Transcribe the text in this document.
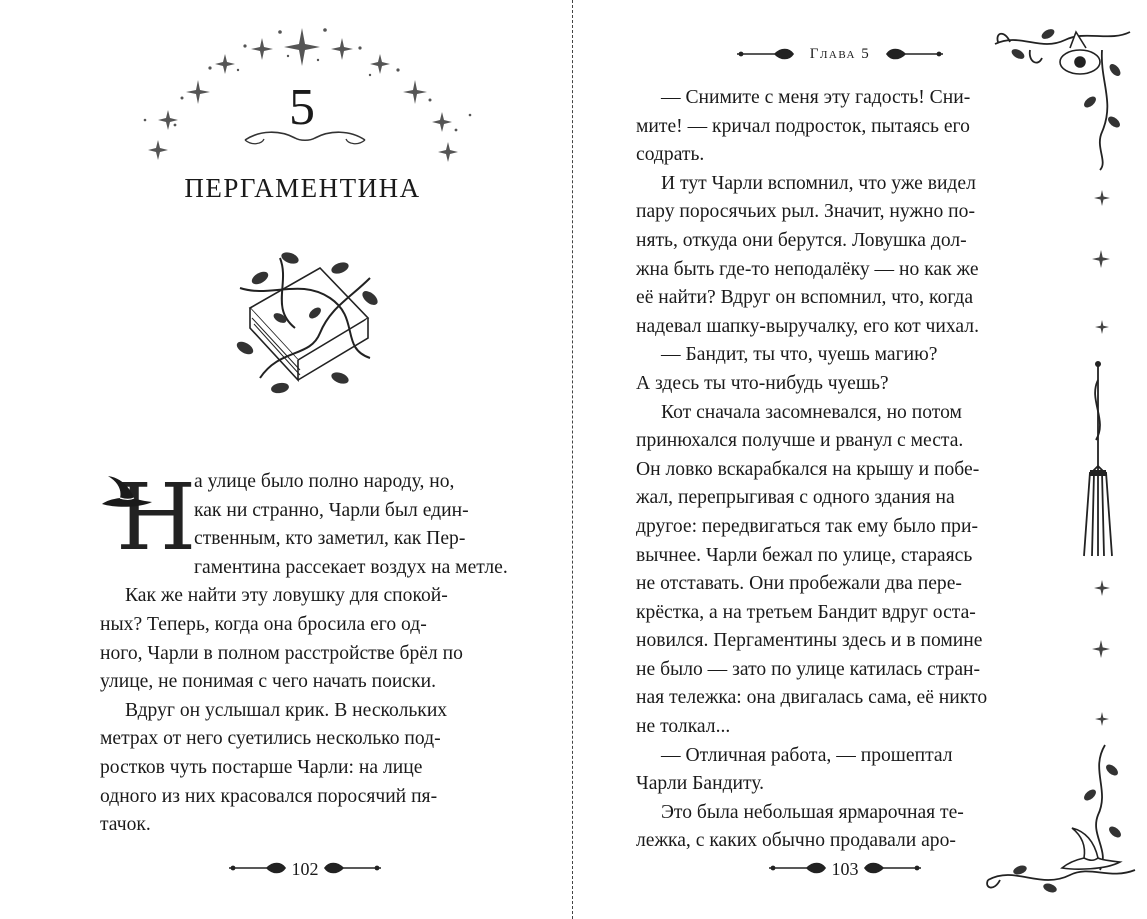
5
ПЕРГАМЕНТИНА
Н

а улице было полно народу, но,
как ни странно, Чарли был един-
ственным, кто заметил, как Пер-
гаментина рассекает воздух на метле.

Как же найти эту ловушку для спокой-
ных? Теперь, когда она бросила его од-
ного, Чарли в полном расстройстве брёл по
улице, не понимая с чего начать поиски.

Вдруг он услышал крик. В нескольких
метрах от него суетились несколько под-
ростков чуть постарше Чарли: на лице
одного из них красовался поросячий пя-
тачок.

102
Глава 5

— Снимите с меня эту гадость! Сни-
мите! — кричал подросток, пытаясь его
содрать.

И тут Чарли вспомнил, что уже видел
пару поросячьих рыл. Значит, нужно по-
нять, откуда они берутся. Ловушка дол-
жна быть где-то неподалёку — но как же
её найти? Вдруг он вспомнил, что, когда
надевал шапку-выручалку, его кот чихал.

— Бандит, ты что, чуешь магию?
А здесь ты что-нибудь чуешь?

Кот сначала засомневался, но потом
принюхался получше и рванул с места.
Он ловко вскарабкался на крышу и побе-
жал, перепрыгивая с одного здания на
другое: передвигаться так ему было при-
вычнее. Чарли бежал по улице, стараясь
не отставать. Они пробежали два пере-
крёстка, а на третьем Бандит вдруг оста-
новился. Пергаментины здесь и в помине
не было — зато по улице катилась стран-
ная тележка: она двигалась сама, её никто
не толкал...

— Отличная работа, — прошептал
Чарли Бандиту.

Это была небольшая ярмарочная те-
лежка, с каких обычно продавали аро-

103
